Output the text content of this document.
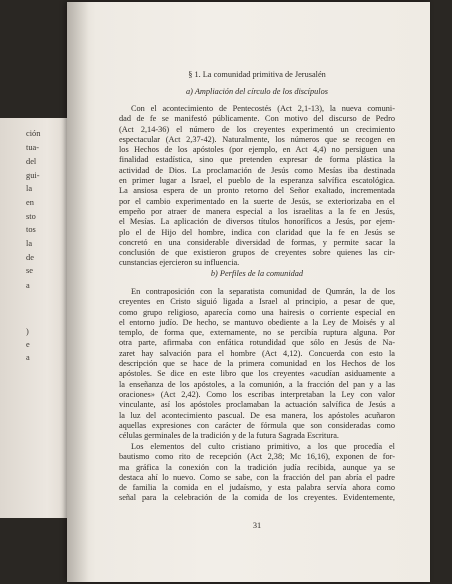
ción
tua-
del
gui-
la
en
sto
tos
la
de
se
a
)
e
a
§ 1. La comunidad primitiva de Jerusalén
a) Ampliación del círculo de los discípulos
Con el acontecimiento de Pentecostés (Act 2,1-13), la nueva comuni-
dad de fe se manifestó públicamente. Con motivo del discurso de Pedro
(Act 2,14-36) el número de los creyentes experimentó un crecimiento
espectacular (Act 2,37-42). Naturalmente, los números que se recogen en
los Hechos de los apóstoles (por ejemplo, en Act 4,4) no persiguen una
finalidad estadística, sino que pretenden expresar de forma plástica la
actividad de Dios. La proclamación de Jesús como Mesías iba destinada
en primer lugar a Israel, el pueblo de la esperanza salvífica escatológica.
La ansiosa espera de un pronto retorno del Señor exaltado, incrementada
por el cambio experimentado en la suerte de Jesús, se exteriorizaba en el
empeño por atraer de manera especial a los israelitas a la fe en Jesús,
el Mesías. La aplicación de diversos títulos honoríficos a Jesús, por ejem-
plo el de Hijo del hombre, indica con claridad que la fe en Jesús se
concretó en una considerable diversidad de formas, y permite sacar la
conclusión de que existieron grupos de creyentes sobre quienes las cir-
cunstancias ejercieron su influencia.
b) Perfiles de la comunidad
En contraposición con la separatista comunidad de Qumrán, la de los
creyentes en Cristo siguió ligada a Israel al principio, a pesar de que,
como grupo religioso, aparecía como una hairesis o corriente especial en
el entorno judío. De hecho, se mantuvo obediente a la Ley de Moisés y al
templo, de forma que, externamente, no se percibía ruptura alguna. Por
otra parte, afirmaba con enfática rotundidad que sólo en Jesús de Na-
zaret hay salvación para el hombre (Act 4,12). Concuerda con esto la
descripción que se hace de la primera comunidad en los Hechos de los
apóstoles. Se dice en este libro que los creyentes «acudían asiduamente a
la enseñanza de los apóstoles, a la comunión, a la fracción del pan y a las
oraciones» (Act 2,42). Como los escribas interpretaban la Ley con valor
vinculante, así los apóstoles proclamaban la actuación salvífica de Jesús a
la luz del acontecimiento pascual. De esa manera, los apóstoles acuñaron
aquellas expresiones con carácter de fórmula que son consideradas como
células germinales de la tradición y de la futura Sagrada Escritura.
Los elementos del culto cristiano primitivo, a los que procedía el
bautismo como rito de recepción (Act 2,38; Mc 16,16), exponen de for-
ma gráfica la conexión con la tradición judía recibida, aunque ya se
destaca ahí lo nuevo. Como se sabe, con la fracción del pan abría el padre
de familia la comida en el judaísmo, y esta palabra servía ahora como
señal para la celebración de la comida de los creyentes. Evidentemente,
31
